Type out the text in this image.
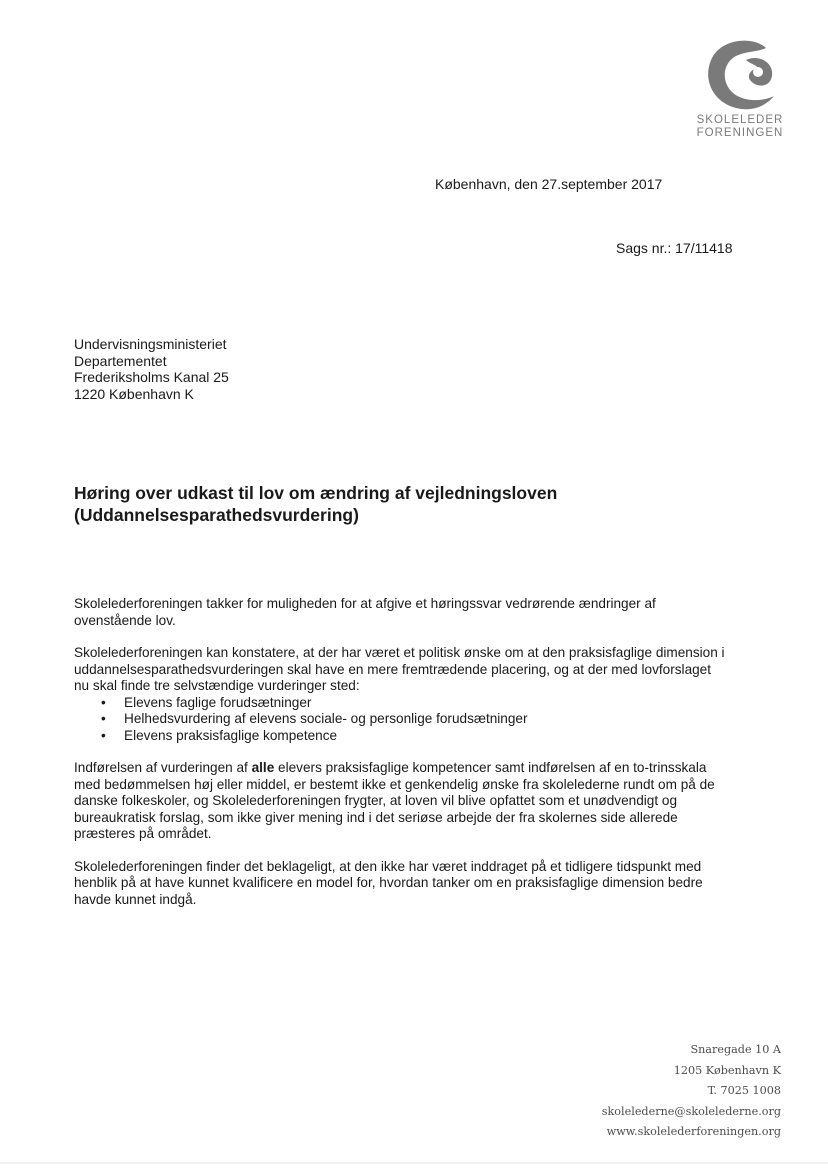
SKOLELEDER
FORENINGEN
København, den 27.september 2017
Sags nr.: 17/11418
Undervisningsministeriet
Departementet
Frederiksholms Kanal 25
1220 København K
Høring over udkast til lov om ændring af vejledningsloven
(Uddannelsesparathedsvurdering)
Skolelederforeningen takker for muligheden for at afgive et høringssvar vedrørende ændringer af
ovenstående lov.
Skolelederforeningen kan konstatere, at der har været et politisk ønske om at den praksisfaglige dimension i
uddannelsesparathedsvurderingen skal have en mere fremtrædende placering, og at der med lovforslaget
nu skal finde tre selvstændige vurderinger sted:
• Elevens faglige forudsætninger
• Helhedsvurdering af elevens sociale- og personlige forudsætninger
• Elevens praksisfaglige kompetence
Indførelsen af vurderingen af alle elevers praksisfaglige kompetencer samt indførelsen af en to-trinsskala
med bedømmelsen høj eller middel, er bestemt ikke et genkendelig ønske fra skolelederne rundt om på de
danske folkeskoler, og Skolelederforeningen frygter, at loven vil blive opfattet som et unødvendigt og
bureaukratisk forslag, som ikke giver mening ind i det seriøse arbejde der fra skolernes side allerede
præsteres på området.
Skolelederforeningen finder det beklageligt, at den ikke har været inddraget på et tidligere tidspunkt med
henblik på at have kunnet kvalificere en model for, hvordan tanker om en praksisfaglige dimension bedre
havde kunnet indgå.
Snaregade 10 A
1205 København K
T. 7025 1008
skolelederne@skolelederne.org
www.skolelederforeningen.org
